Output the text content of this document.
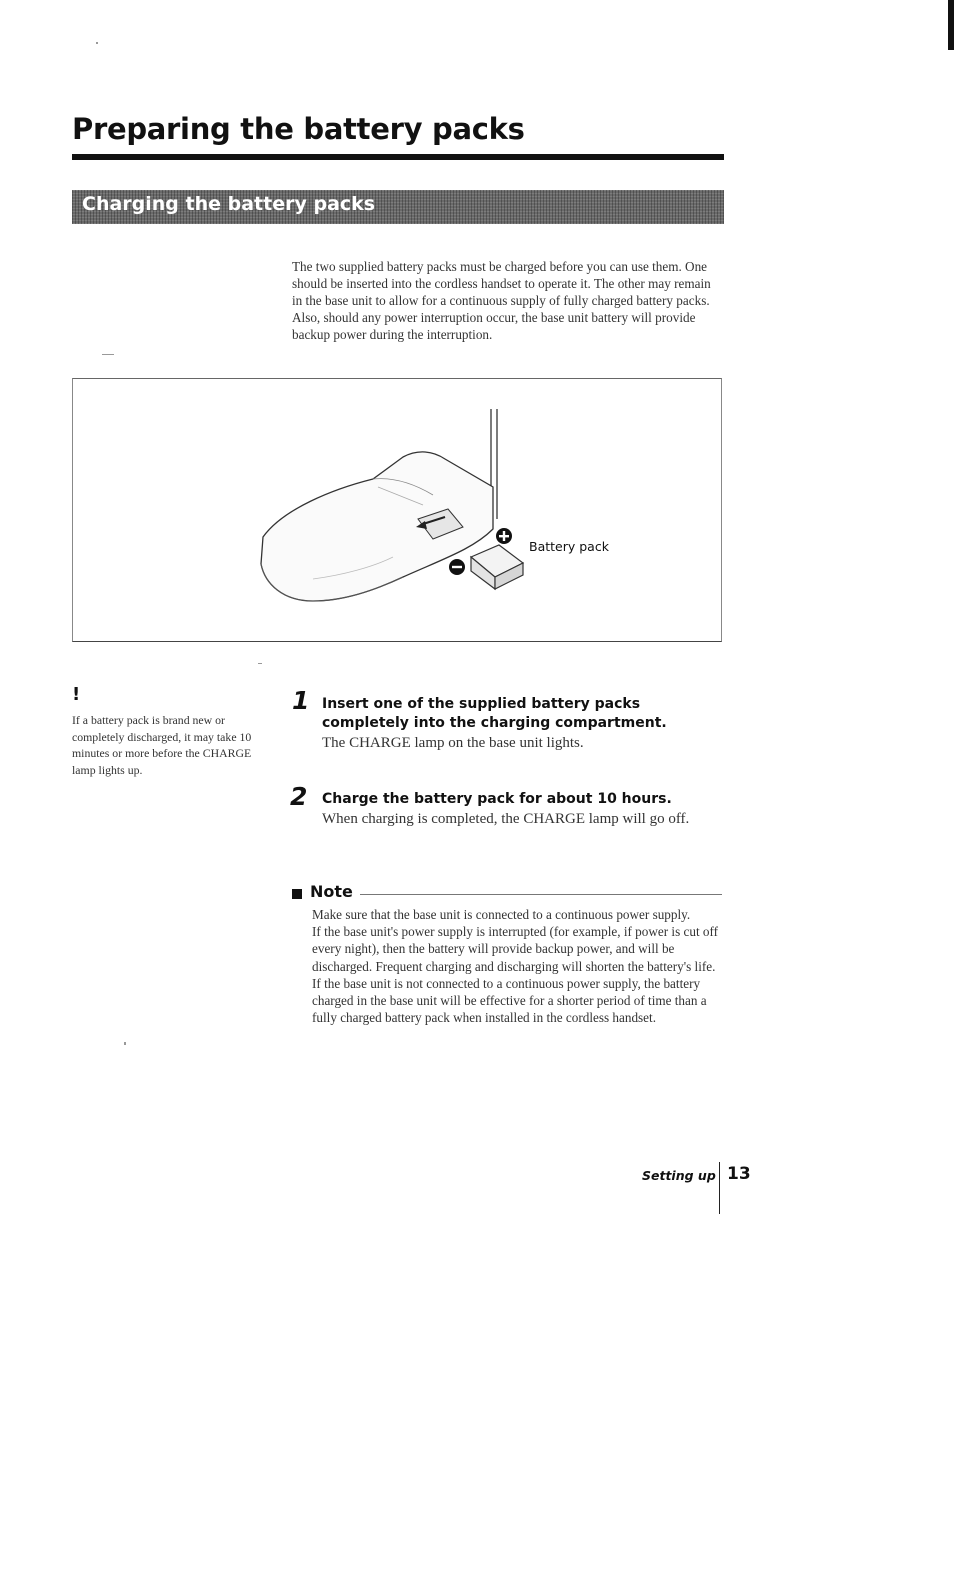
Preparing the battery packs
Charging the battery packs

The two supplied battery packs must be charged before you can use them. One should be inserted into the cordless handset to operate it. The other may remain in the base unit to allow for a continuous supply of fully charged battery packs. Also, should any power interruption occur, the base unit battery will provide backup power during the interruption.

Battery pack

!

If a battery pack is brand new or completely discharged, it may take 10 minutes or more before the CHARGE lamp lights up.

1 Insert one of the supplied battery packs completely into the charging compartment.

The CHARGE lamp on the base unit lights.

2 Charge the battery pack for about 10 hours.

When charging is completed, the CHARGE lamp will go off.

Note

Make sure that the base unit is connected to a continuous power supply.

If the base unit's power supply is interrupted (for example, if power is cut off every night), then the battery will provide backup power, and will be discharged. Frequent charging and discharging will shorten the battery's life.

If the base unit is not connected to a continuous power supply, the battery charged in the base unit will be effective for a shorter period of time than a fully charged battery pack when installed in the cordless handset.

Setting up 13
